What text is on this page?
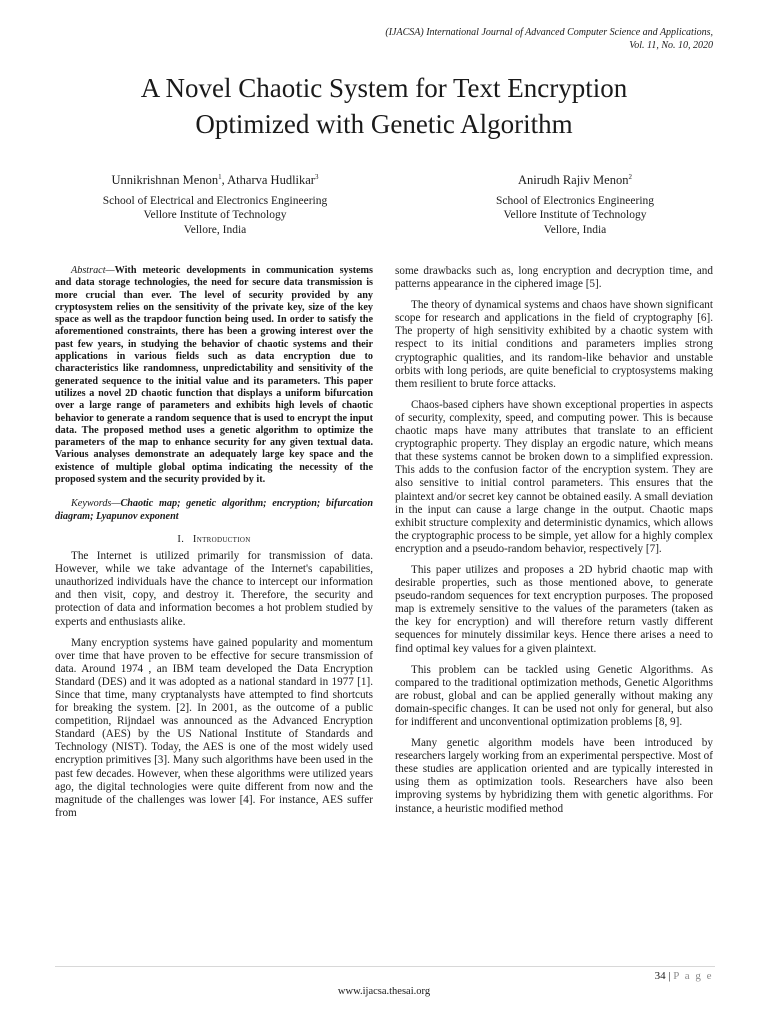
(IJACSA) International Journal of Advanced Computer Science and Applications,
Vol. 11, No. 10, 2020
A Novel Chaotic System for Text Encryption
Optimized with Genetic Algorithm
Unnikrishnan Menon$^1$, Atharva Hudlikar$^3$
School of Electrical and Electronics Engineering
Vellore Institute of Technology
Vellore, India
Anirudh Rajiv Menon$^2$
School of Electronics Engineering
Vellore Institute of Technology
Vellore, India
Abstract—With meteoric developments in communication systems and data storage technologies, the need for secure data transmission is more crucial than ever. The level of security provided by any cryptosystem relies on the sensitivity of the private key, size of the key space as well as the trapdoor function being used. In order to satisfy the aforementioned constraints, there has been a growing interest over the past few years, in studying the behavior of chaotic systems and their applications in various fields such as data encryption due to characteristics like randomness, unpredictability and sensitivity of the generated sequence to the initial value and its parameters. This paper utilizes a novel 2D chaotic function that displays a uniform bifurcation over a large range of parameters and exhibits high levels of chaotic behavior to generate a random sequence that is used to encrypt the input data. The proposed method uses a genetic algorithm to optimize the parameters of the map to enhance security for any given textual data. Various analyses demonstrate an adequately large key space and the existence of multiple global optima indicating the necessity of the proposed system and the security provided by it.
Keywords—Chaotic map; genetic algorithm; encryption; bifurcation diagram; Lyapunov exponent
I. Introduction

The Internet is utilized primarily for transmission of data. However, while we take advantage of the Internet's capabilities, unauthorized individuals have the chance to intercept our information and then visit, copy, and destroy it. Therefore, the security and protection of data and information becomes a hot problem studied by experts and enthusiasts alike.

Many encryption systems have gained popularity and momentum over time that have proven to be effective for secure transmission of data. Around 1974 , an IBM team developed the Data Encryption Standard (DES) and it was adopted as a national standard in 1977 [1]. Since that time, many cryptanalysts have attempted to find shortcuts for breaking the system. [2]. In 2001, as the outcome of a public competition, Rijndael was announced as the Advanced Encryption Standard (AES) by the US National Institute of Standards and Technology (NIST). Today, the AES is one of the most widely used encryption primitives [3]. Many such algorithms have been used in the past few decades. However, when these algorithms were utilized years ago, the digital technologies were quite different from now and the magnitude of the challenges was lower [4]. For instance, AES suffer from

some drawbacks such as, long encryption and decryption time, and patterns appearance in the ciphered image [5].

The theory of dynamical systems and chaos have shown significant scope for research and applications in the field of cryptography [6]. The property of high sensitivity exhibited by a chaotic system with respect to its initial conditions and parameters implies strong cryptographic qualities, and its random-like behavior and unstable orbits with long periods, are quite beneficial to cryptosystems making them resilient to brute force attacks.

Chaos-based ciphers have shown exceptional properties in aspects of security, complexity, speed, and computing power. This is because chaotic maps have many attributes that translate to an efficient cryptographic property. They display an ergodic nature, which means that these systems cannot be broken down to a simplified expression. This adds to the confusion factor of the encryption system. They are also sensitive to initial control parameters. This ensures that the plaintext and/or secret key cannot be obtained easily. A small deviation in the input can cause a large change in the output. Chaotic maps exhibit structure complexity and deterministic dynamics, which allows the cryptographic process to be simple, yet allow for a highly complex encryption and a pseudo-random behavior, respectively [7].

This paper utilizes and proposes a 2D hybrid chaotic map with desirable properties, such as those mentioned above, to generate pseudo-random sequences for text encryption purposes. The proposed map is extremely sensitive to the values of the parameters (taken as the key for encryption) and will therefore return vastly different sequences for minutely dissimilar keys. Hence there arises a need to find optimal key values for a given plaintext.

This problem can be tackled using Genetic Algorithms. As compared to the traditional optimization methods, Genetic Algorithms are robust, global and can be applied generally without making any domain-specific changes. It can be used not only for general, but also for indifferent and unconventional optimization problems [8, 9].

Many genetic algorithm models have been introduced by researchers largely working from an experimental perspective. Most of these studies are application oriented and are typically interested in using them as optimization tools. Researchers have also been improving systems by hybridizing them with genetic algorithms. For instance, a heuristic modified method

34 | P a g e
www.ijacsa.thesai.org
